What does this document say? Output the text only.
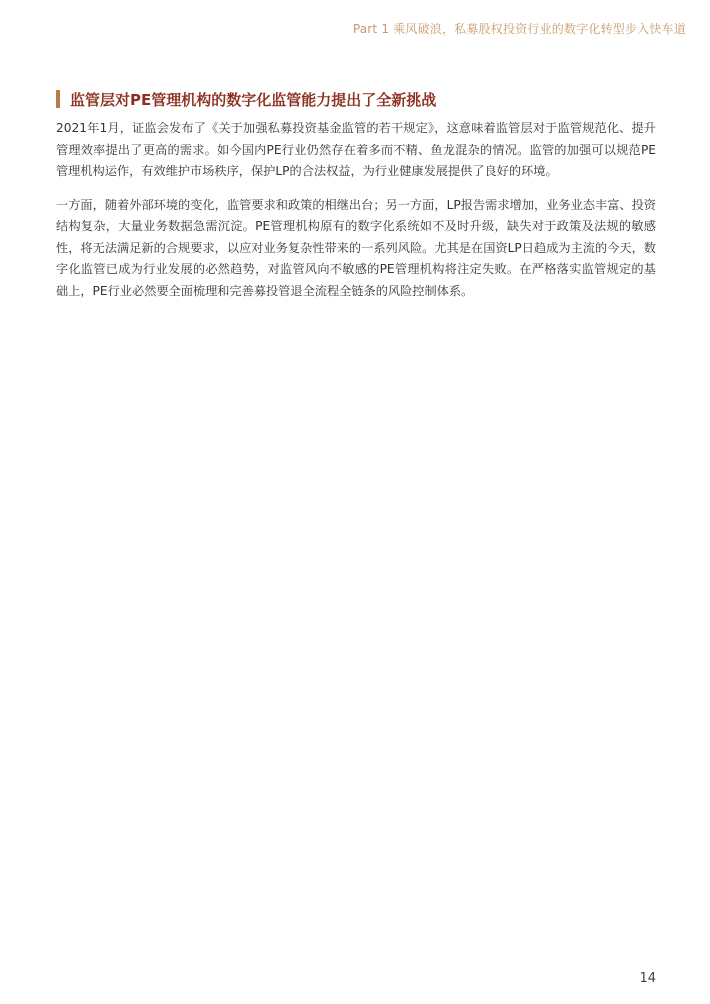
Part 1 乘风破浪，私募股权投资行业的数字化转型步入快车道
监管层对PE管理机构的数字化监管能力提出了全新挑战

2021年1月，证监会发布了《关于加强私募投资基金监管的若干规定》，这意味着监管层对于监管规范化、提升管理效率提出了更高的需求。如今国内PE行业仍然存在着多而不精、鱼龙混杂的情况。监管的加强可以规范PE管理机构运作，有效维护市场秩序，保护LP的合法权益，为行业健康发展提供了良好的环境。

一方面，随着外部环境的变化，监管要求和政策的相继出台；另一方面，LP报告需求增加，业务业态丰富、投资结构复杂，大量业务数据急需沉淀。PE管理机构原有的数字化系统如不及时升级，缺失对于政策及法规的敏感性，将无法满足新的合规要求，以应对业务复杂性带来的一系列风险。尤其是在国资LP日趋成为主流的今天，数字化监管已成为行业发展的必然趋势，对监管风向不敏感的PE管理机构将注定失败。在严格落实监管规定的基础上，PE行业必然要全面梳理和完善募投管退全流程全链条的风险控制体系。

14
